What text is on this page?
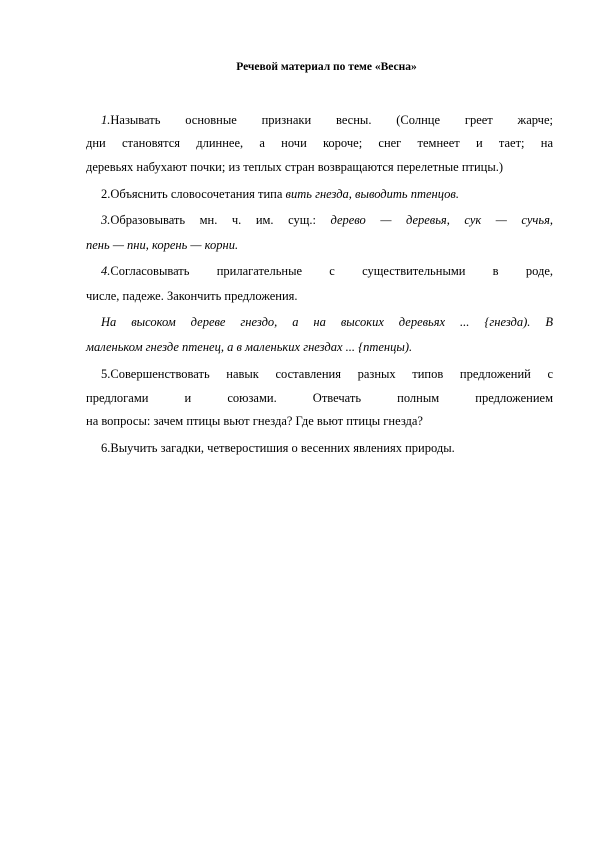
Речевой материал по теме «Весна»
1.Называть основные признаки весны. (Солнце греет жарче;
дни становятся длиннее, а ночи короче; снег темнеет и тает; на
деревьях набухают почки; из теплых стран возвращаются перелетные птицы.)
2.Объяснить словосочетания типа вить гнезда, выводить птенцов.
3.Образовывать мн. ч. им. сущ.: дерево — деревья, сук — сучья,
пень — пни, корень — корни.
4.Согласовывать прилагательные с существительными в роде,
числе, падеже. Закончить предложения.
На высоком дереве гнездо, а на высоких деревьях ... {гнезда). В
маленьком гнезде птенец, а в маленьких гнездах ... {птенцы).
5.Совершенствовать навык составления разных типов предложений с
предлогами и союзами. Отвечать полным предложением
на вопросы: зачем птицы вьют гнезда? Где вьют птицы гнезда?
6.Выучить загадки, четверостишия о весенних явлениях природы.
